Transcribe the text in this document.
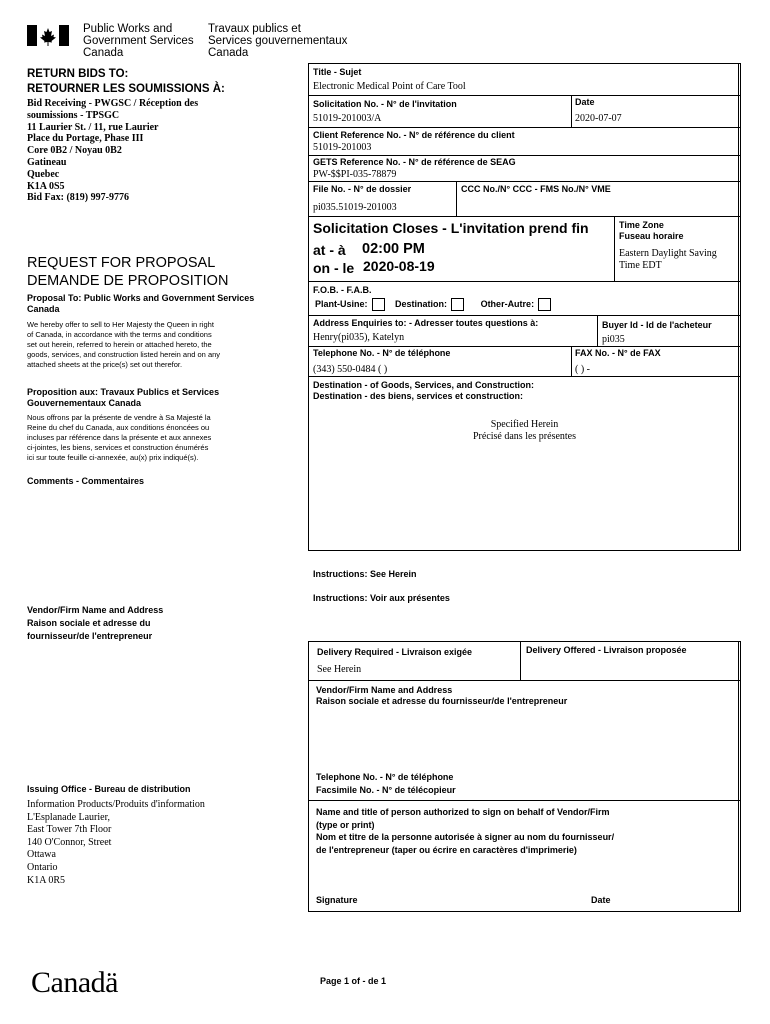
Public Works and
Government Services
Canada
Travaux publics et
Services gouvernementaux
Canada
RETURN BIDS TO:
RETOURNER LES SOUMISSIONS À:
Bid Receiving - PWGSC / Réception des
soumissions - TPSGC
11 Laurier St. / 11, rue Laurier
Place du Portage, Phase III
Core 0B2 / Noyau 0B2
Gatineau
Quebec
K1A 0S5
Bid Fax: (819) 997-9776
REQUEST FOR PROPOSAL
DEMANDE DE PROPOSITION
Proposal To: Public Works and Government Services Canada
We hereby offer to sell to Her Majesty the Queen in right
of Canada, in accordance with the terms and conditions
set out herein, referred to herein or attached hereto, the
goods, services, and construction listed herein and on any
attached sheets at the price(s) set out therefor.
Proposition aux: Travaux Publics et Services Gouvernementaux Canada
Nous offrons par la présente de vendre à Sa Majesté la
Reine du chef du Canada, aux conditions énoncées ou
incluses par référence dans la présente et aux annexes
ci-jointes, les biens, services et construction énumérés
ici sur toute feuille ci-annexée, au(x) prix indiqué(s).
Comments - Commentaires
Vendor/Firm Name and Address
Raison sociale et adresse du
fournisseur/de l'entrepreneur
Issuing Office - Bureau de distribution
Information Products/Produits d'information
L'Esplanade Laurier,
East Tower 7th Floor
140 O'Connor, Street
Ottawa
Ontario
K1A 0R5
Canadä	Page 1 of - de 1
Title - Sujet
Electronic Medical Point of Care Tool
Solicitation No. - N° de l'invitation
51019-201003/A
Date
2020-07-07
Client Reference No. - N° de référence du client
51019-201003
GETS Reference No. - N° de référence de SEAG
PW-$$PI-035-78879
File No. - N° de dossier
pi035.51019-201003
CCC No./N° CCC - FMS No./N° VME
Solicitation Closes - L'invitation prend fin
at - à 02:00 PM
on - le 2020-08-19
Time Zone
Fuseau horaire
Eastern Daylight Saving
Time EDT
F.O.B. - F.A.B.
Plant-Usine:	Destination:	Other-Autre:
Address Enquiries to: - Adresser toutes questions à:
Henry(pi035), Katelyn
Buyer Id - Id de l'acheteur
pi035
Telephone No. - N° de téléphone
(343) 550-0484 ( )
FAX No. - N° de FAX
( ) -
Destination - of Goods, Services, and Construction:
Destination - des biens, services et construction:
Specified Herein
Précisé dans les présentes
Instructions: See Herein
Instructions: Voir aux présentes
Delivery Required - Livraison exigée
See Herein
Delivery Offered - Livraison proposée
Vendor/Firm Name and Address
Raison sociale et adresse du fournisseur/de l'entrepreneur
Telephone No. - N° de téléphone
Facsimile No. - N° de télécopieur
Name and title of person authorized to sign on behalf of Vendor/Firm
(type or print)
Nom et titre de la personne autorisée à signer au nom du fournisseur/
de l'entrepreneur (taper ou écrire en caractères d'imprimerie)
Signature	Date
